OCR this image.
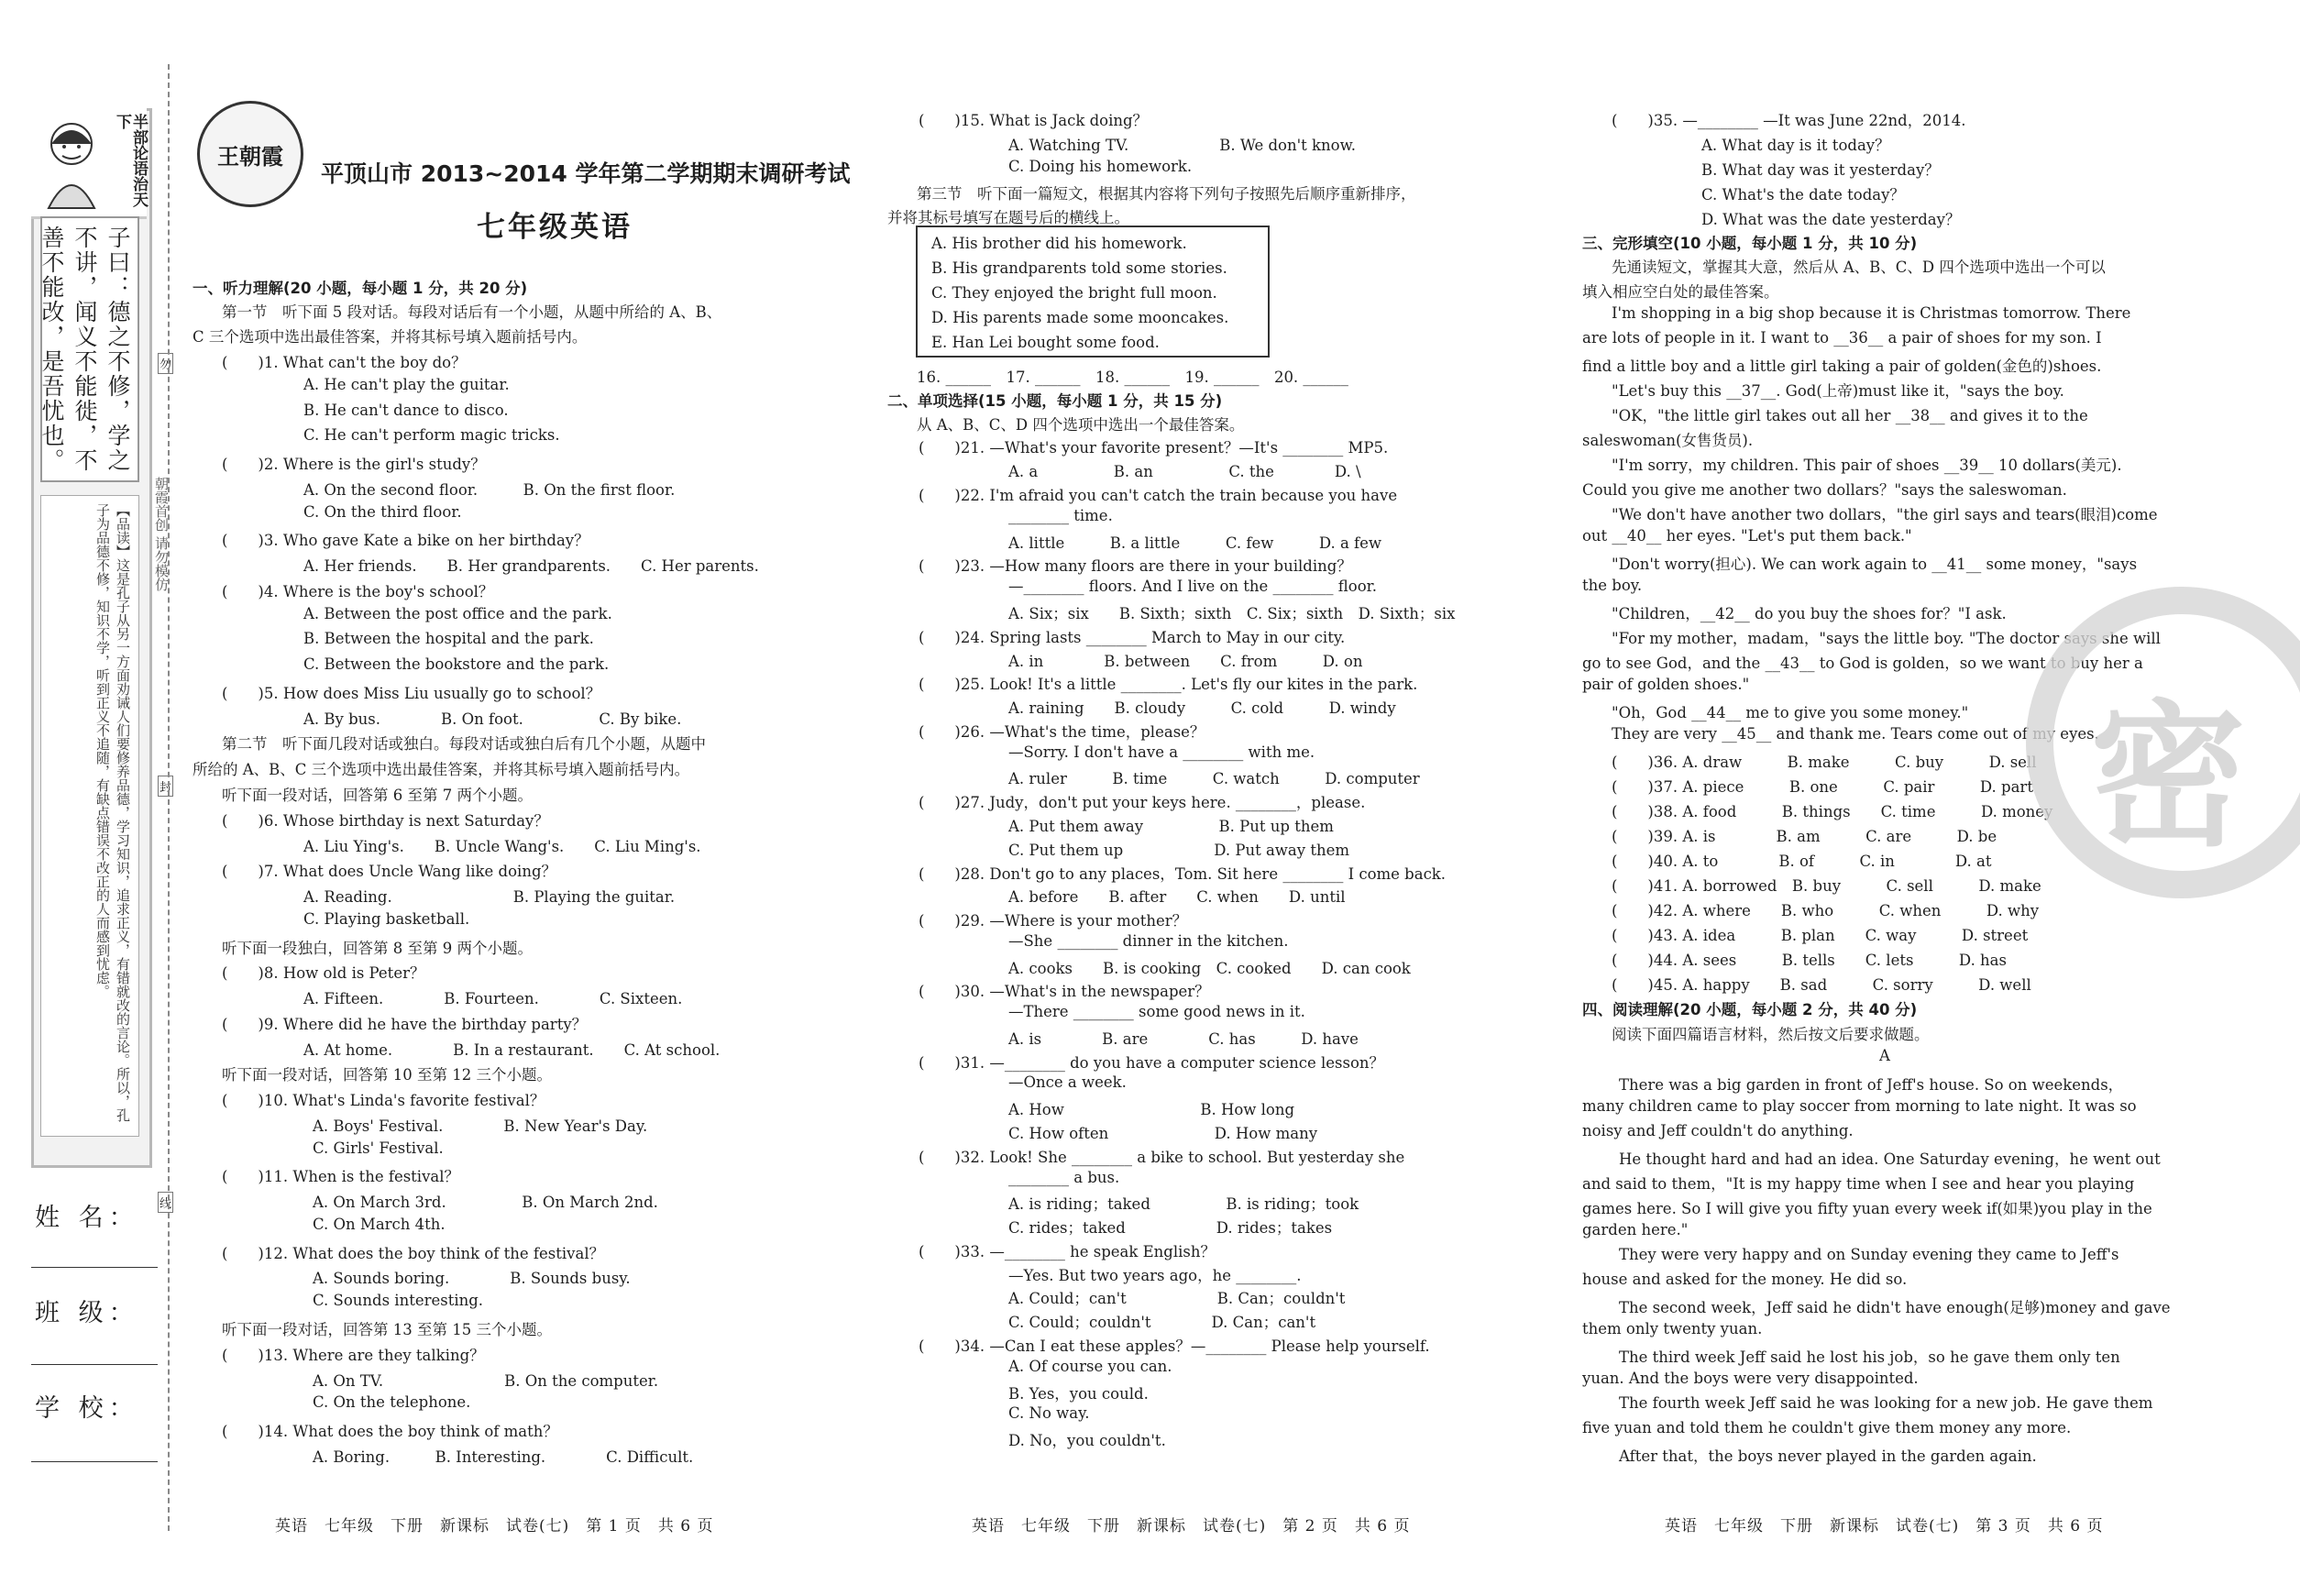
半部论语治天下
子曰：德之不修，学之不讲，闻义不能徙，不善不能改，是吾忧也。
【品读】这是孔子从另一方面劝诫人们要修养品德，学习知识，追求正义，有错就改的言论。所以，孔子为品德不修，知识不学，听到正义不追随，有缺点错误不改正的人而感到忧虑。	朝霞首创 请勿模仿
勿
封
线
姓 名：
班 级：
学 校：
王朝霞
平顶山市 2013~2014 学年第二学期期末调研考试
七年级英语
一、听力理解(20 小题，每小题 1 分，共 20 分)
第一节　听下面 5 段对话。每段对话后有一个小题，从题中所给的 A、B、
C 三个选项中选出最佳答案，并将其标号填入题前括号内。
(　　)1. What can't the boy do？
A. He can't play the guitar.
B. He can't dance to disco.
C. He can't perform magic tricks.
(　　)2. Where is the girl's study？
A. On the second floor.　　　B. On the first floor.
C. On the third floor.
(　　)3. Who gave Kate a bike on her birthday？
A. Her friends.　　B. Her grandparents.　　C. Her parents.
(　　)4. Where is the boy's school？
A. Between the post office and the park.
B. Between the hospital and the park.
C. Between the bookstore and the park.
(　　)5. How does Miss Liu usually go to school？
A. By bus.　　　　B. On foot.　　　　　C. By bike.
第二节　听下面几段对话或独白。每段对话或独白后有几个小题，从题中
所给的 A、B、C 三个选项中选出最佳答案，并将其标号填入题前括号内。
听下面一段对话，回答第 6 至第 7 两个小题。
(　　)6. Whose birthday is next Saturday？
A. Liu Ying's.　　B. Uncle Wang's.　　C. Liu Ming's.
(　　)7. What does Uncle Wang like doing？
A. Reading.　　　　　　　　B. Playing the guitar.
C. Playing basketball.
听下面一段独白，回答第 8 至第 9 两个小题。
(　　)8. How old is Peter？
A. Fifteen.　　　　B. Fourteen.　　　　C. Sixteen.
(　　)9. Where did he have the birthday party？
A. At home.　　　　B. In a restaurant.　　C. At school.
听下面一段对话，回答第 10 至第 12 三个小题。
(　　)10. What's Linda's favorite festival？
A. Boys' Festival.　　　　B. New Year's Day.
C. Girls' Festival.
(　　)11. When is the festival？
A. On March 3rd.　　　　　B. On March 2nd.
C. On March 4th.
(　　)12. What does the boy think of the festival？
A. Sounds boring.　　　　B. Sounds busy.
C. Sounds interesting.
听下面一段对话，回答第 13 至第 15 三个小题。
(　　)13. Where are they talking？
A. On TV.　　　　　　　　B. On the computer.
C. On the telephone.
(　　)14. What does the boy think of math？
A. Boring.　　　B. Interesting.　　　　C. Difficult.
(　　)15. What is Jack doing？
A. Watching TV.　　　　　　B. We don't know.
C. Doing his homework.
第三节　听下面一篇短文，根据其内容将下列句子按照先后顺序重新排序，
并将其标号填写在题号后的横线上。
A. His brother did his homework.
B. His grandparents told some stories.
C. They enjoyed the bright full moon.
D. His parents made some mooncakes.
E. Han Lei bought some food.
16. ______　17. ______　18. ______　19. ______　20. ______
二、单项选择(15 小题，每小题 1 分，共 15 分)
从 A、B、C、D 四个选项中选出一个最佳答案。
(　　)21. —What's your favorite present？—It's ________ MP5.
A. a　　　　　B. an　　　　　C. the　　　　D. \
(　　)22. I'm afraid you can't catch the train because you have
________ time.
A. little　　　B. a little　　　C. few　　　D. a few
(　　)23. —How many floors are there in your building？
—________ floors. And I live on the ________ floor.
A. Six；six　　B. Sixth；sixth　C. Six；sixth　D. Sixth；six
(　　)24. Spring lasts ________ March to May in our city.
A. in　　　　B. between　　C. from　　　D. on
(　　)25. Look! It's a little ________. Let's fly our kites in the park.
A. raining　　B. cloudy　　　C. cold　　　D. windy
(　　)26. —What's the time，please？
—Sorry. I don't have a ________ with me.
A. ruler　　　B. time　　　C. watch　　　D. computer
(　　)27. Judy，don't put your keys here. ________，please.
A. Put them away　　　　　B. Put up them
C. Put them up　　　　　　D. Put away them
(　　)28. Don't go to any places，Tom. Sit here ________ I come back.
A. before　　B. after　　C. when　　D. until
(　　)29. —Where is your mother？
—She ________ dinner in the kitchen.
A. cooks　　B. is cooking　C. cooked　　D. can cook
(　　)30. —What's in the newspaper？
—There ________ some good news in it.
A. is　　　　B. are　　　　C. has　　　D. have
(　　)31. —________ do you have a computer science lesson？
—Once a week.
A. How　　　　　　　　　B. How long
C. How often　　　　　　　D. How many
(　　)32. Look! She ________ a bike to school. But yesterday she
________ a bus.
A. is riding；taked　　　　　B. is riding；took
C. rides；taked　　　　　　D. rides；takes
(　　)33. —________ he speak English？
—Yes. But two years ago，he ________.
A. Could；can't　　　　　　B. Can；couldn't
C. Could；couldn't　　　　D. Can；can't
(　　)34. —Can I eat these apples？—________ Please help yourself.
A. Of course you can.
B. Yes，you could.
C. No way.
D. No，you couldn't.
(　　)35. —________ —It was June 22nd，2014.
A. What day is it today？
B. What day was it yesterday？
C. What's the date today？
D. What was the date yesterday？
三、完形填空(10 小题，每小题 1 分，共 10 分)
先通读短文，掌握其大意，然后从 A、B、C、D 四个选项中选出一个可以
填入相应空白处的最佳答案。
I'm shopping in a big shop because it is Christmas tomorrow. There
are lots of people in it. I want to __36__ a pair of shoes for my son. I
find a little boy and a little girl taking a pair of golden(金色的)shoes.
"Let's buy this __37__. God(上帝)must like it，"says the boy.
"OK，"the little girl takes out all her __38__ and gives it to the
saleswoman(女售货员).
"I'm sorry，my children. This pair of shoes __39__ 10 dollars(美元).
Could you give me another two dollars？"says the saleswoman.
"We don't have another two dollars，"the girl says and tears(眼泪)come
out __40__ her eyes. "Let's put them back."
"Don't worry(担心). We can work again to __41__ some money，"says
the boy.
"Children，__42__ do you buy the shoes for？"I ask.
"For my mother，madam，"says the little boy. "The doctor says she will
go to see God，and the __43__ to God is golden，so we want to buy her a
pair of golden shoes."
"Oh，God __44__ me to give you some money."
They are very __45__ and thank me. Tears come out of my eyes.
(　　)36. A. draw　　　B. make　　　C. buy　　　D. sell
(　　)37. A. piece　　　B. one　　　C. pair　　　D. part
(　　)38. A. food　　　B. things　　C. time　　　D. money
(　　)39. A. is　　　　B. am　　　C. are　　　D. be
(　　)40. A. to　　　　B. of　　　C. in　　　　D. at
(　　)41. A. borrowed　B. buy　　　C. sell　　　D. make
(　　)42. A. where　　B. who　　　C. when　　　D. why
(　　)43. A. idea　　　B. plan　　C. way　　　D. street
(　　)44. A. sees　　　B. tells　　C. lets　　　D. has
(　　)45. A. happy　　B. sad　　　C. sorry　　　D. well
四、阅读理解(20 小题，每小题 2 分，共 40 分)
阅读下面四篇语言材料，然后按文后要求做题。
A
There was a big garden in front of Jeff's house. So on weekends，
many children came to play soccer from morning to late night. It was so
noisy and Jeff couldn't do anything.
He thought hard and had an idea. One Saturday evening，he went out
and said to them，"It is my happy time when I see and hear you playing
games here. So I will give you fifty yuan every week if(如果)you play in the
garden here."
They were very happy and on Sunday evening they came to Jeff's
house and asked for the money. He did so.
The second week，Jeff said he didn't have enough(足够)money and gave
them only twenty yuan.
The third week Jeff said he lost his job，so he gave them only ten
yuan. And the boys were very disappointed.
The fourth week Jeff said he was looking for a new job. He gave them
five yuan and told them he couldn't give them money any more.
After that，the boys never played in the garden again.
密
英语　七年级　下册　新课标　试卷(七)　第 1 页　共 6 页	英语　七年级　下册　新课标　试卷(七)　第 2 页　共 6 页	英语　七年级　下册　新课标　试卷(七)　第 3 页　共 6 页
